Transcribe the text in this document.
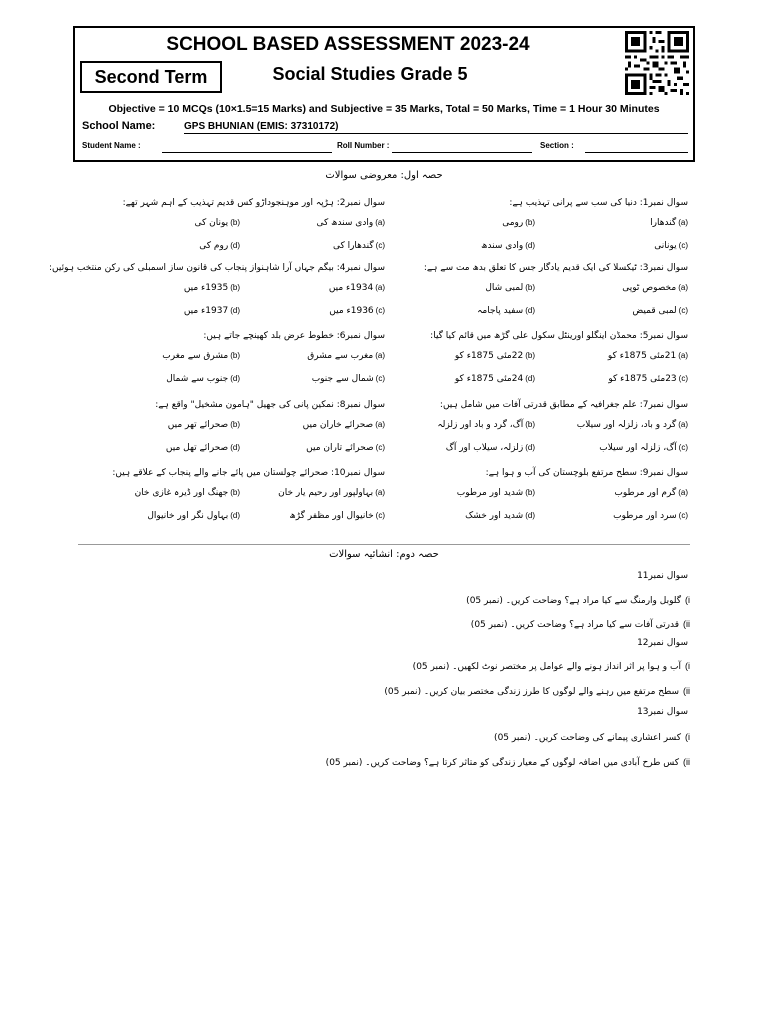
SCHOOL BASED ASSESSMENT 2023-24
Second Term	Social Studies Grade 5
Objective = 10 MCQs (10×1.5=15 Marks) and Subjective = 35 Marks, Total = 50 Marks, Time = 1 Hour 30 Minutes
School Name:	GPS BHUNIAN (EMIS: 37310172)
Student Name :	Roll Number :	Section :
حصہ اول: معروضی سوالات
سوال نمبر1: دنیا کی سب سے پرانی تہذیب ہے:
(a)گندھارا
(b)رومی
(c)یونانی
(d)وادی سندھ
سوال نمبر2: ہڑپہ اور موہنجوداڑو کس قدیم تہذیب کے اہم شہر تھے:
(a)وادی سندھ کی
(b)یونان کی
(c)گندھارا کی
(d)روم کی
سوال نمبر3: ٹیکسلا کی ایک قدیم یادگار جس کا تعلق بدھ مت سے ہے:
(a)مخصوص ٹوپی
(b)لمبی شال
(c)لمبی قمیض
(d)سفید پاجامہ
سوال نمبر4: بیگم جہاں آرا شاہنواز پنجاب کی قانون ساز اسمبلی کی رکن منتخب ہوئیں:
(a)1934ء میں
(b)1935ء میں
(c)1936ء میں
(d)1937ء میں
سوال نمبر5: محمڈن اینگلو اورینٹل سکول علی گڑھ میں قائم کیا گیا:
(a)21مئی 1875ء کو
(b)22مئی 1875ء کو
(c)23مئی 1875ء کو
(d)24مئی 1875ء کو
سوال نمبر6: خطوط عرض بلد کھینچے جاتے ہیں:
(a)مغرب سے مشرق
(b)مشرق سے مغرب
(c)شمال سے جنوب
(d)جنوب سے شمال
سوال نمبر7: علم جغرافیہ کے مطابق قدرتی آفات میں شامل ہیں:
(a)گرد و باد، زلزلہ اور سیلاب
(b)آگ، گرد و باد اور زلزلہ
(c)آگ، زلزلہ اور سیلاب
(d)زلزلہ، سیلاب اور آگ
سوال نمبر8: نمکین پانی کی جھیل "ہامون مشخیل" واقع ہے:
(a)صحرائے خاران میں
(b)صحرائے تھر میں
(c)صحرائے تاران میں
(d)صحرائے تھل میں
سوال نمبر9: سطح مرتفع بلوچستان کی آب و ہوا ہے:
(a)گرم اور مرطوب
(b)شدید اور مرطوب
(c)سرد اور مرطوب
(d)شدید اور خشک
سوال نمبر10: صحرائے چولستان میں پائے جانے والے پنجاب کے علاقے ہیں:
(a)بہاولپور اور رحیم یار خان
(b)جھنگ اور ڈیرہ غازی خان
(c)خانیوال اور مظفر گڑھ
(d)بہاول نگر اور خانیوال
حصہ دوم: انشائیہ سوالات
سوال نمبر11
i)گلوبل وارمنگ سے کیا مراد ہے؟ وضاحت کریں۔ (نمبر 05)
ii)قدرتی آفات سے کیا مراد ہے؟ وضاحت کریں۔ (نمبر 05)
سوال نمبر12
i)آب و ہوا پر اثر انداز ہونے والے عوامل پر مختصر نوٹ لکھیں۔ (نمبر 05)
ii)سطح مرتفع میں رہنے والے لوگوں کا طرز زندگی مختصر بیان کریں۔ (نمبر 05)
سوال نمبر13
i)کسر اعشاری پیمانے کی وضاحت کریں۔ (نمبر 05)
ii)کس طرح آبادی میں اضافہ لوگوں کے معیار زندگی کو متاثر کرتا ہے؟ وضاحت کریں۔ (نمبر 05)
